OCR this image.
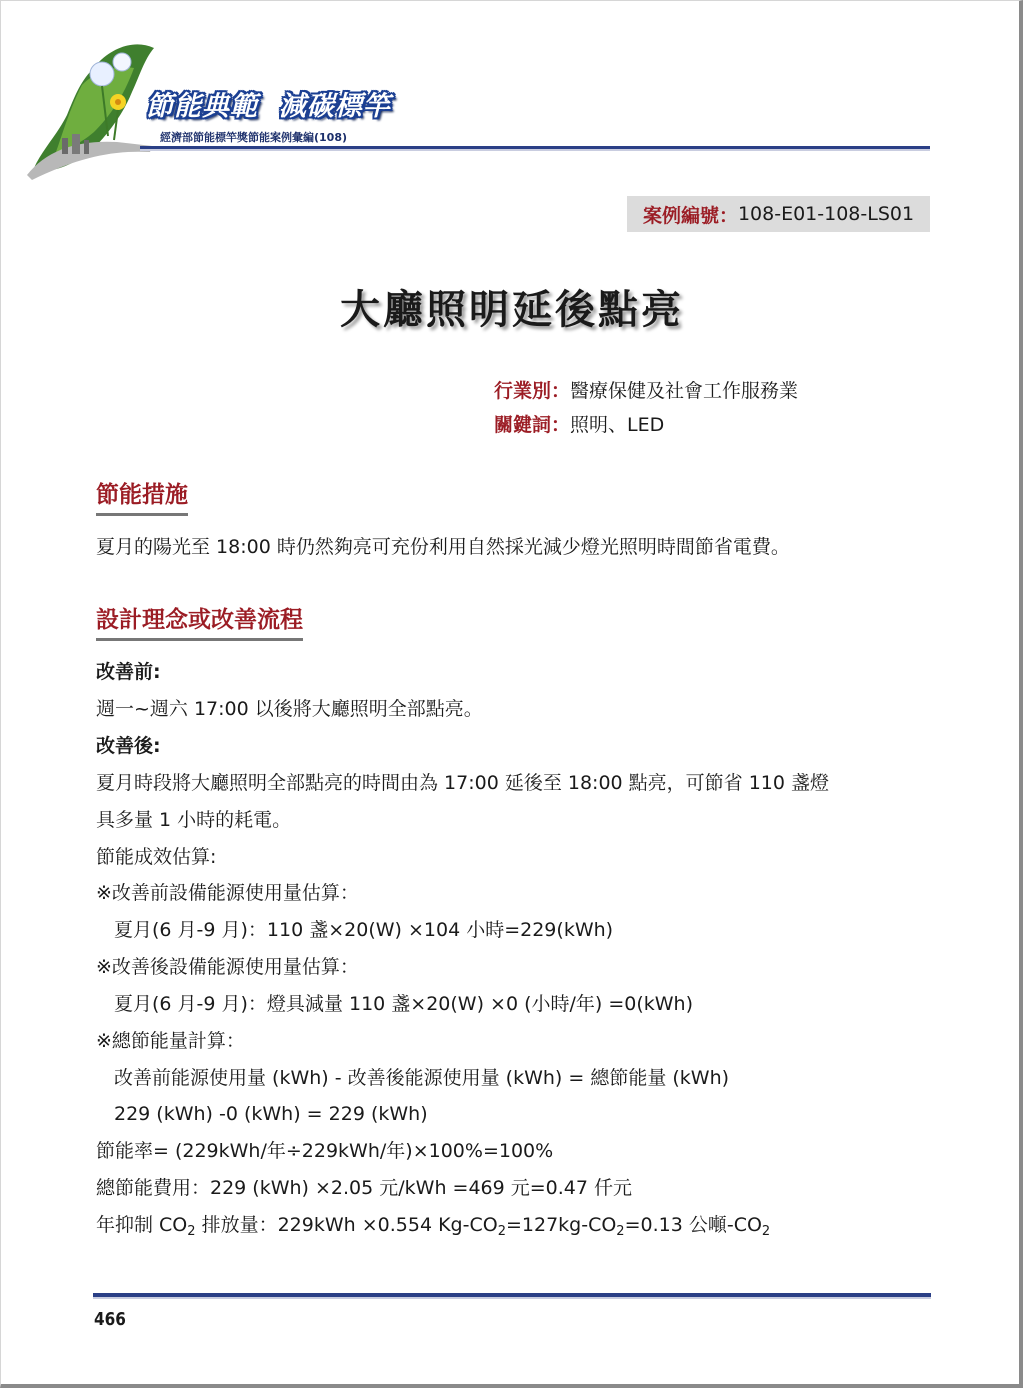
節能典範  減碳標竿
經濟部節能標竿獎節能案例彙編(108)
案例編號： 108-E01-108-LS01
大廳照明延後點亮
行業別：醫療保健及社會工作服務業
關鍵詞：照明、LED
節能措施
夏月的陽光至 18:00 時仍然夠亮可充份利用自然採光減少燈光照明時間節省電費。
設計理念或改善流程
改善前:
週一~週六 17:00 以後將大廳照明全部點亮。
改善後:
夏月時段將大廳照明全部點亮的時間由為 17:00 延後至 18:00 點亮，可節省 110 盞燈
具多量 1 小時的耗電。
節能成效估算:
※改善前設備能源使用量估算：
夏月(6 月-9 月)：110 盞×20(W) ×104 小時=229(kWh)
※改善後設備能源使用量估算：
夏月(6 月-9 月)：燈具減量 110 盞×20(W) ×0 (小時/年) =0(kWh)
※總節能量計算：
改善前能源使用量 (kWh) - 改善後能源使用量 (kWh) = 總節能量 (kWh)
229 (kWh) -0 (kWh) = 229 (kWh)
節能率= (229kWh/年÷229kWh/年)×100%=100%
總節能費用：229 (kWh) ×2.05 元/kWh =469 元=0.47 仟元
年抑制 $CO_2$ 排放量：229kWh ×0.554 $Kg-CO_2=127kg-CO_2=0.13$ 公噸$-CO_2$
466
